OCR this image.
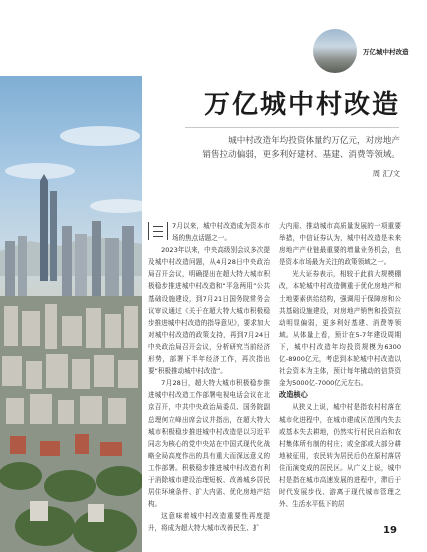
万亿城中村改造
万亿城中村改造
城中村改造年均投资体量约万亿元，对房地产
销售拉动偏弱，更多利好建材、基建、消费等领域。
周 汇/文

7月以来，城中村改造成为资本市场的焦点话题之一。

2023年以来，中央高级别会议多次提及城中村改造问题，从4月28日中央政治局召开会议，明确提出在超大特大城市积极稳步推进城中村改造和“平急两用”公共基础设施建设，到7月21日国务院常务会议审议通过《关于在超大特大城市积极稳步推进城中村改造的指导意见》，要求加大对城中村改造的政策支持，再到7月24日中央政治局召开会议，分析研究当前经济形势，部署下半年经济工作，再次指出要“积极推动城中村改造”。

7月28日，超大特大城市积极稳步推进城中村改造工作部署电视电话会议在北京召开，中共中央政治局委员、国务院副总理何立峰出席会议并指出，在超大特大城市积极稳步推进城中村改造是以习近平同志为核心的党中央站在中国式现代化战略全局高度作出的具有重大而深远意义的工作部署。积极稳步推进城中村改造有利于消除城市建设治理短板、改善城乡居民居住环境条件、扩大内需、优化房地产结构。

这意味着城中村改造重要性再度提升，将成为超大特大城市改善民生、扩

大内需、推动城市高质量发展的一项重要举措，中信证券认为，城中村改造是未来房地产产业链最重要的增量业务机会，也是资本市场最为关注的政策领域之一。

光大证券表示，相较于此前大规模棚改，本轮城中村改造侧重于优化房地产和土地要素供给结构，强调用于保障房和公共基础设施建设，对房地产销售和投资拉动明显偏弱，更多利好基建、消费等领域。从体量上看，预计在5-7年建设周期下，城中村改造年均投资规模为6300亿-8900亿元，考虑到本轮城中村改造以社会资本为主体，预计每年撬动的信贷资金为5000亿-7000亿元左右。

改造核心

从狭义上说，城中村是指农村村落在城市化进程中，在城市建成区范围内失去或基本失去耕地，仍然实行村民自治和农村集体所有制的村庄；或全部或大部分耕地被征用，农民转为居民后仍在原村落居住而演变成的居民区。从广义上说，城中村是指在城市高速发展的进程中，滞后于时代发展步伐、游离于现代城市管理之外、生活水平低下的居

19
